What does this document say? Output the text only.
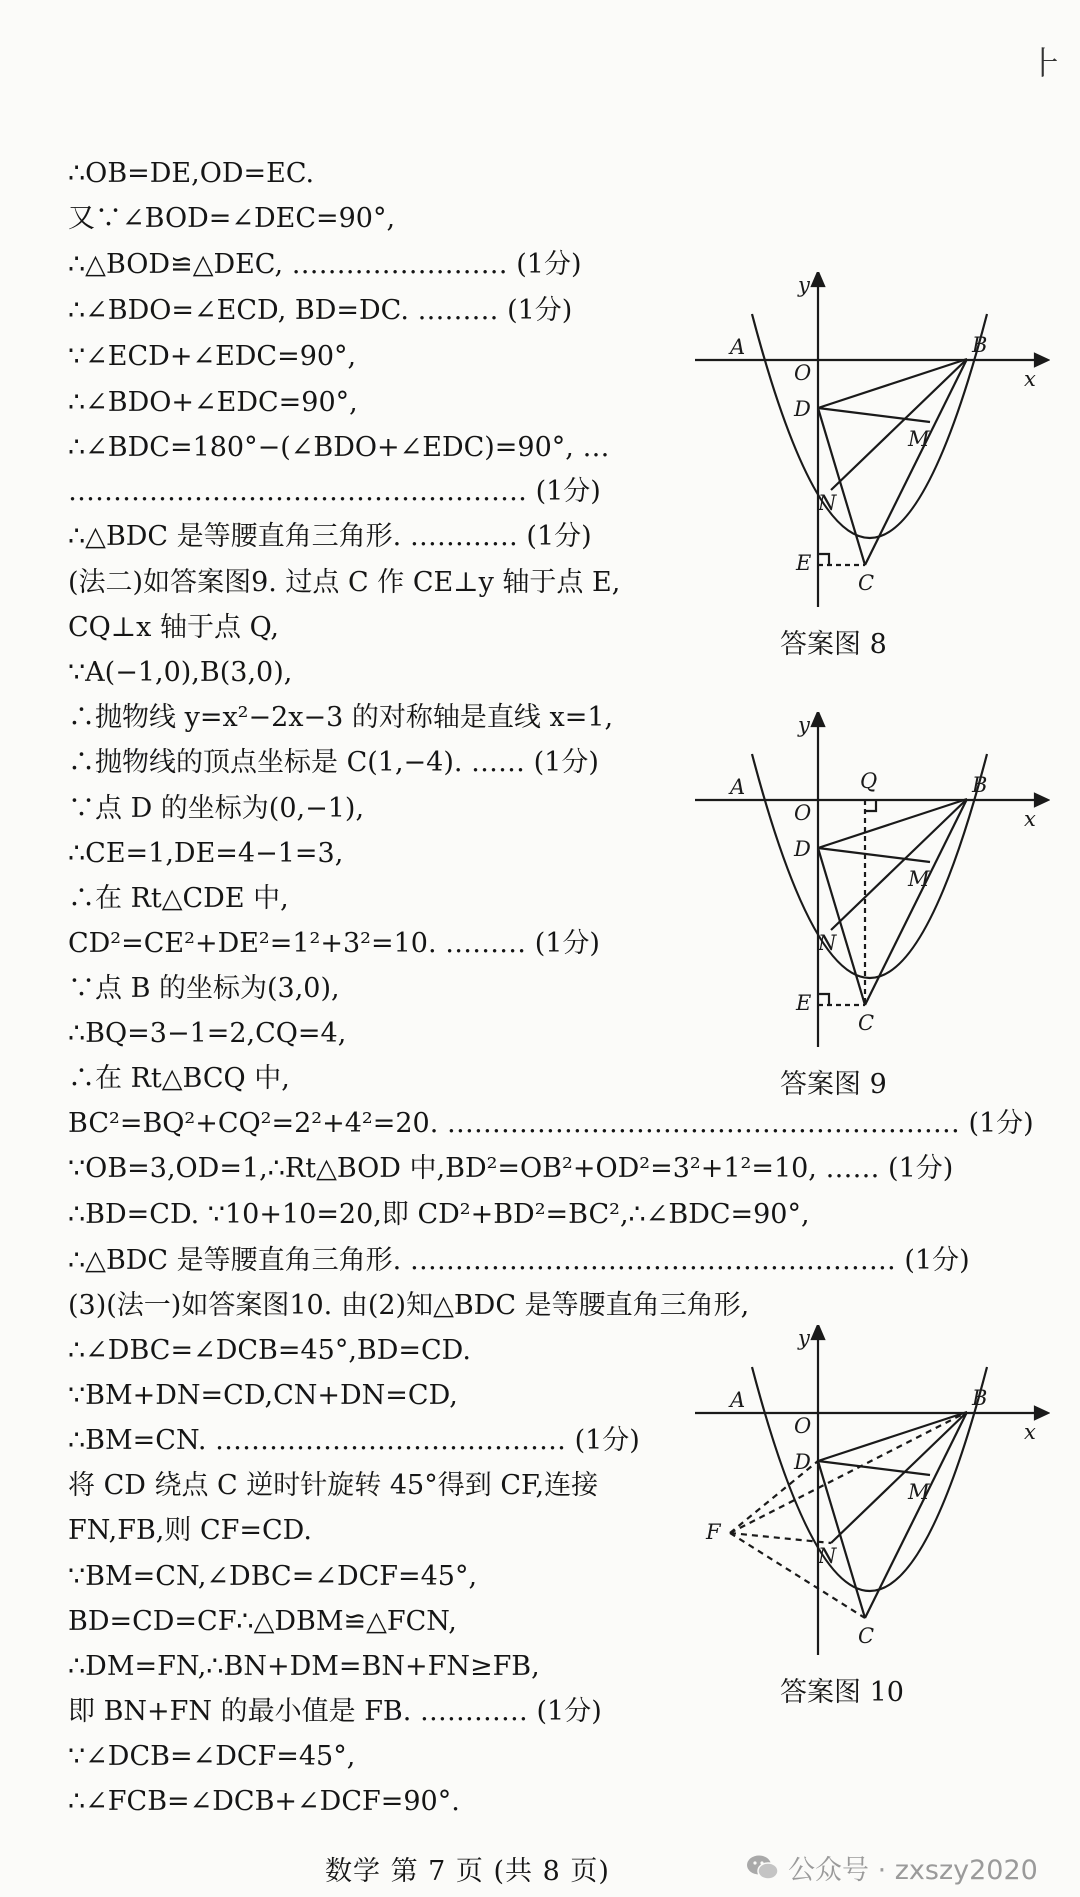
⺊
∴OB=DE,OD=EC.
又∵∠BOD=∠DEC=90°,
∴△BOD≌△DEC, …………………… (1分)
∴∠BDO=∠ECD, BD=DC. ……… (1分)
∵∠ECD+∠EDC=90°,
∴∠BDO+∠EDC=90°,
∴∠BDC=180°−(∠BDO+∠EDC)=90°, …
…………………………………………… (1分)
∴△BDC 是等腰直角三角形. ………… (1分)
(法二)如答案图9. 过点 C 作 CE⊥y 轴于点 E,
CQ⊥x 轴于点 Q,
∵A(−1,0),B(3,0),
∴抛物线 y=x²−2x−3 的对称轴是直线 x=1,
∴抛物线的顶点坐标是 C(1,−4). …… (1分)
∵点 D 的坐标为(0,−1),
∴CE=1,DE=4−1=3,
∴在 Rt△CDE 中,
CD²=CE²+DE²=1²+3²=10. ……… (1分)
∵点 B 的坐标为(3,0),
∴BQ=3−1=2,CQ=4,
∴在 Rt△BCQ 中,
BC²=BQ²+CQ²=2²+4²=20. ………………………………………………… (1分)
∵OB=3,OD=1,∴Rt△BOD 中,BD²=OB²+OD²=3²+1²=10, …… (1分)
∴BD=CD. ∵10+10=20,即 CD²+BD²=BC²,∴∠BDC=90°,
∴△BDC 是等腰直角三角形. ……………………………………………… (1分)
(3)(法一)如答案图10. 由(2)知△BDC 是等腰直角三角形,
∴∠DBC=∠DCB=45°,BD=CD.
∵BM+DN=CD,CN+DN=CD,
∴BM=CN. ………………………………… (1分)
将 CD 绕点 C 逆时针旋转 45°得到 CF,连接
FN,FB,则 CF=CD.
∵BM=CN,∠DBC=∠DCF=45°,
BD=CD=CF∴△DBM≌△FCN,
∴DM=FN,∴BN+DM=BN+FN≥FB,
即 BN+FN 的最小值是 FB. ………… (1分)
∵∠DCB=∠DCF=45°,
∴∠FCB=∠DCB+∠DCF=90°.
y
x
A
O
B
D
M
N
E
C
答案图 8
y
x
A
O
Q	B
D
M
N
E
C
答案图 9
y
x
A
O
B
D
M
N
F
C
答案图 10
数学 第 7 页 (共 8 页)	公众号 · zxszy2020
